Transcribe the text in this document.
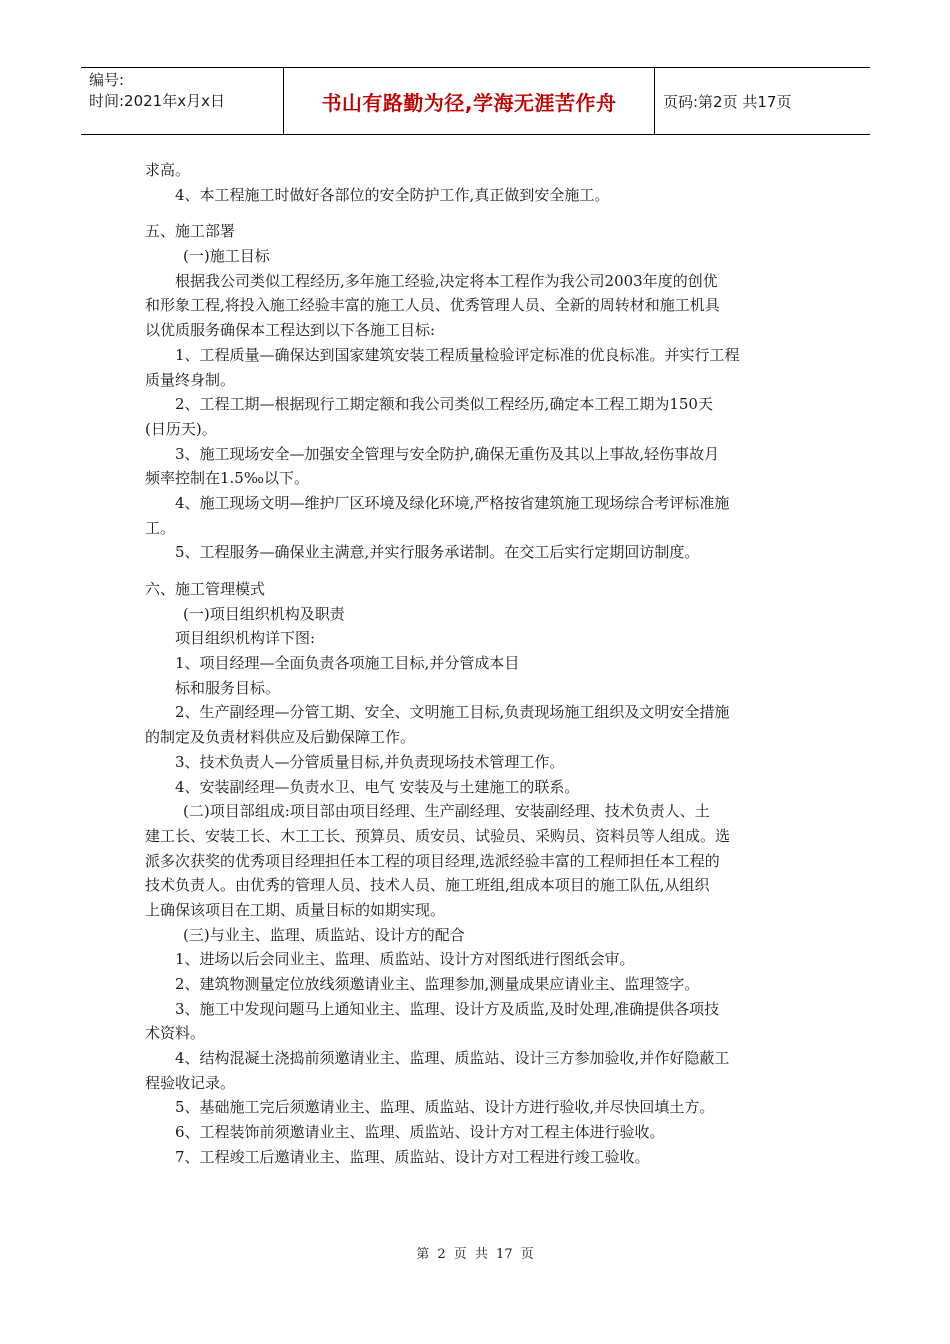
编号:
时间:2021年x月x日	书山有路勤为径,学海无涯苦作舟	页码:第2页 共17页
求高。
4、本工程施工时做好各部位的安全防护工作,真正做到安全施工。
五、施工部署
(一)施工目标
根据我公司类似工程经历,多年施工经验,决定将本工程作为我公司2003年度的创优
和形象工程,将投入施工经验丰富的施工人员、优秀管理人员、全新的周转材和施工机具
以优质服务确保本工程达到以下各施工目标:
1、工程质量—确保达到国家建筑安装工程质量检验评定标准的优良标准。并实行工程
质量终身制。
2、工程工期—根据现行工期定额和我公司类似工程经历,确定本工程工期为150天
(日历天)。
3、施工现场安全—加强安全管理与安全防护,确保无重伤及其以上事故,轻伤事故月
频率控制在1.5‰以下。
4、施工现场文明—维护厂区环境及绿化环境,严格按省建筑施工现场综合考评标准施
工。
5、工程服务—确保业主满意,并实行服务承诺制。在交工后实行定期回访制度。
六、施工管理模式
(一)项目组织机构及职责
项目组织机构详下图:
1、项目经理—全面负责各项施工目标,并分管成本目
标和服务目标。
2、生产副经理—分管工期、安全、文明施工目标,负责现场施工组织及文明安全措施
的制定及负责材料供应及后勤保障工作。
3、技术负责人—分管质量目标,并负责现场技术管理工作。
4、安装副经理—负责水卫、电气 安装及与土建施工的联系。
(二)项目部组成:项目部由项目经理、生产副经理、安装副经理、技术负责人、土
建工长、安装工长、木工工长、预算员、质安员、试验员、采购员、资料员等人组成。选
派多次获奖的优秀项目经理担任本工程的项目经理,选派经验丰富的工程师担任本工程的
技术负责人。由优秀的管理人员、技术人员、施工班组,组成本项目的施工队伍,从组织
上确保该项目在工期、质量目标的如期实现。
(三)与业主、监理、质监站、设计方的配合
1、进场以后会同业主、监理、质监站、设计方对图纸进行图纸会审。
2、建筑物测量定位放线须邀请业主、监理参加,测量成果应请业主、监理签字。
3、施工中发现问题马上通知业主、监理、设计方及质监,及时处理,准确提供各项技
术资料。
4、结构混凝土浇捣前须邀请业主、监理、质监站、设计三方参加验收,并作好隐蔽工
程验收记录。
5、基础施工完后须邀请业主、监理、质监站、设计方进行验收,并尽快回填土方。
6、工程装饰前须邀请业主、监理、质监站、设计方对工程主体进行验收。
7、工程竣工后邀请业主、监理、质监站、设计方对工程进行竣工验收。
第 2 页 共 17 页
